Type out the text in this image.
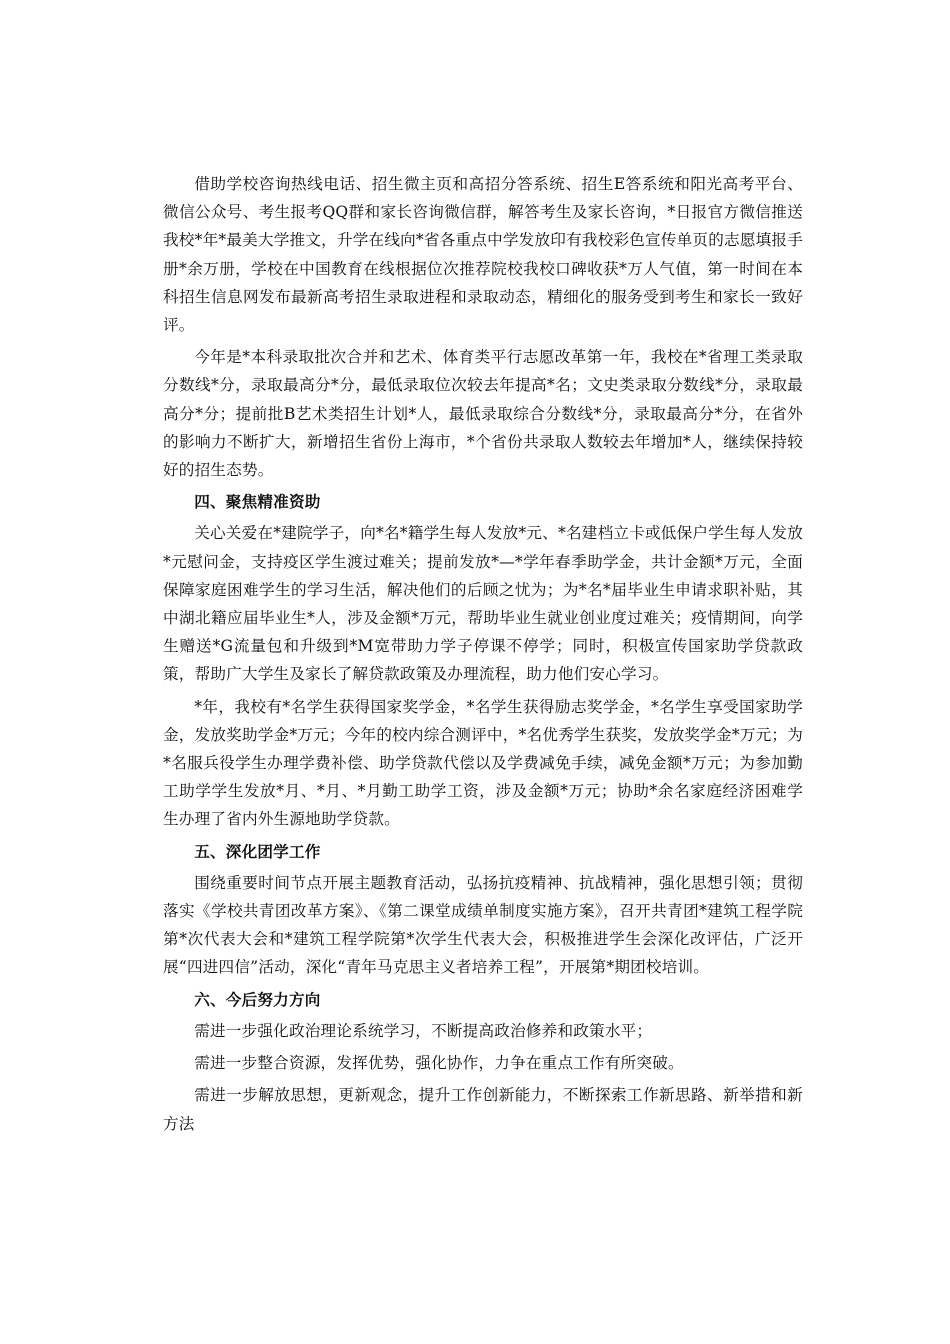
借助学校咨询热线电话、招生微主页和高招分答系统、招生E答系统和阳光高考平台、微信公众号、考生报考QQ群和家长咨询微信群，解答考生及家长咨询，*日报官方微信推送我校*年*最美大学推文，升学在线向*省各重点中学发放印有我校彩色宣传单页的志愿填报手册*余万册，学校在中国教育在线根据位次推荐院校我校口碑收获*万人气值，第一时间在本科招生信息网发布最新高考招生录取进程和录取动态，精细化的服务受到考生和家长一致好评。

今年是*本科录取批次合并和艺术、体育类平行志愿改革第一年，我校在*省理工类录取分数线*分，录取最高分*分，最低录取位次较去年提高*名；文史类录取分数线*分，录取最高分*分；提前批B艺术类招生计划*人，最低录取综合分数线*分，录取最高分*分，在省外的影响力不断扩大，新增招生省份上海市，*个省份共录取人数较去年增加*人，继续保持较好的招生态势。

四、聚焦精准资助

关心关爱在*建院学子，向*名*籍学生每人发放*元、*名建档立卡或低保户学生每人发放*元慰问金，支持疫区学生渡过难关；提前发放*—*学年春季助学金，共计金额*万元，全面保障家庭困难学生的学习生活，解决他们的后顾之忧为；为*名*届毕业生申请求职补贴，其中湖北籍应届毕业生*人，涉及金额*万元，帮助毕业生就业创业度过难关；疫情期间，向学生赠送*G流量包和升级到*M宽带助力学子停课不停学；同时，积极宣传国家助学贷款政策，帮助广大学生及家长了解贷款政策及办理流程，助力他们安心学习。

*年，我校有*名学生获得国家奖学金，*名学生获得励志奖学金，*名学生享受国家助学金，发放奖助学金*万元；今年的校内综合测评中，*名优秀学生获奖，发放奖学金*万元；为*名服兵役学生办理学费补偿、助学贷款代偿以及学费减免手续，减免金额*万元；为参加勤工助学学生发放*月、*月、*月勤工助学工资，涉及金额*万元；协助*余名家庭经济困难学生办理了省内外生源地助学贷款。

五、深化团学工作

围绕重要时间节点开展主题教育活动，弘扬抗疫精神、抗战精神，强化思想引领；贯彻落实《学校共青团改革方案》、《第二课堂成绩单制度实施方案》，召开共青团*建筑工程学院第*次代表大会和*建筑工程学院第*次学生代表大会，积极推进学生会深化改评估，广泛开展“四进四信”活动，深化“青年马克思主义者培养工程”，开展第*期团校培训。

六、今后努力方向

需进一步强化政治理论系统学习，不断提高政治修养和政策水平；

需进一步整合资源，发挥优势，强化协作，力争在重点工作有所突破。

需进一步解放思想，更新观念，提升工作创新能力，不断探索工作新思路、新举措和新方法
